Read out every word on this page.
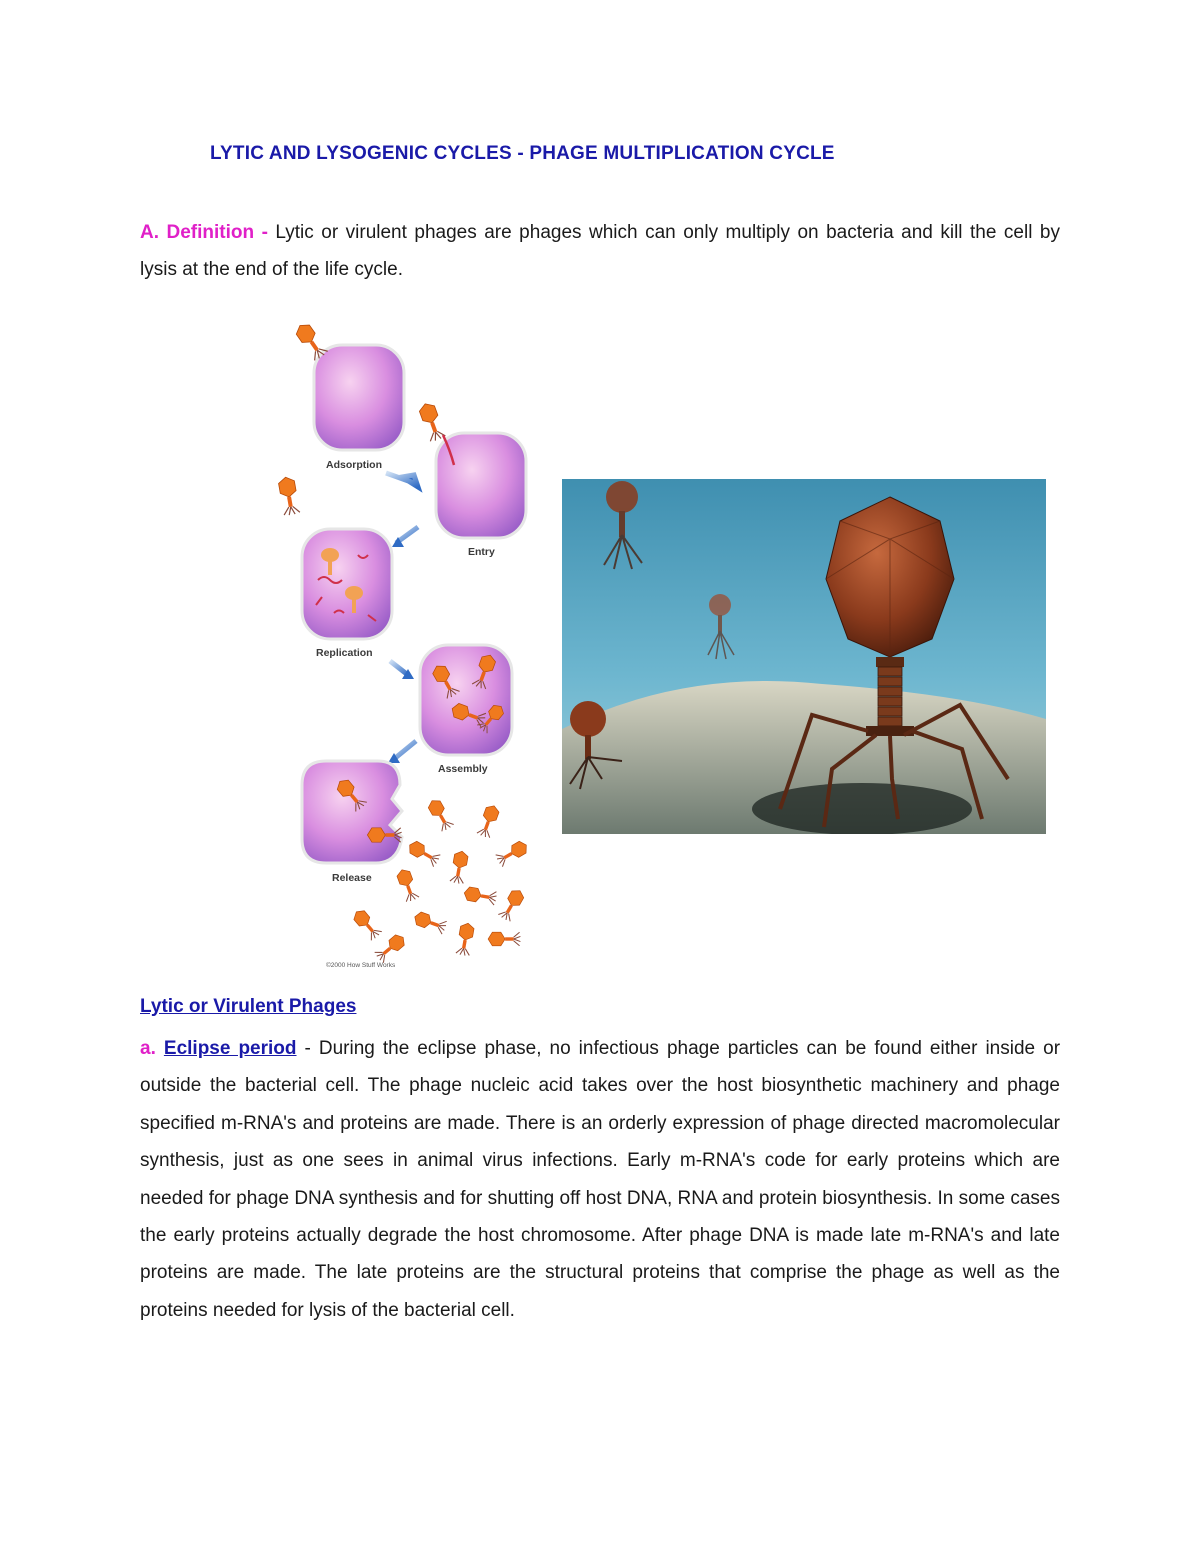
LYTIC AND LYSOGENIC CYCLES - PHAGE MULTIPLICATION CYCLE
A. Definition - Lytic or virulent phages are phages which can only multiply on bacteria and kill the cell by lysis at the end of the life cycle.
Adsorption
Entry
Replication
Assembly
Release
©2000 How Stuff Works
Lytic or Virulent Phages
a. Eclipse period - During the eclipse phase, no infectious phage particles can be found either inside or outside the bacterial cell. The phage nucleic acid takes over the host biosynthetic machinery and phage specified m-RNA's and proteins are made. There is an orderly expression of phage directed macromolecular synthesis, just as one sees in animal virus infections. Early m-RNA's code for early proteins which are needed for phage DNA synthesis and for shutting off host DNA, RNA and protein biosynthesis. In some cases the early proteins actually degrade the host chromosome. After phage DNA is made late m-RNA's and late proteins are made. The late proteins are the structural proteins that comprise the phage as well as the proteins needed for lysis of the bacterial cell.
